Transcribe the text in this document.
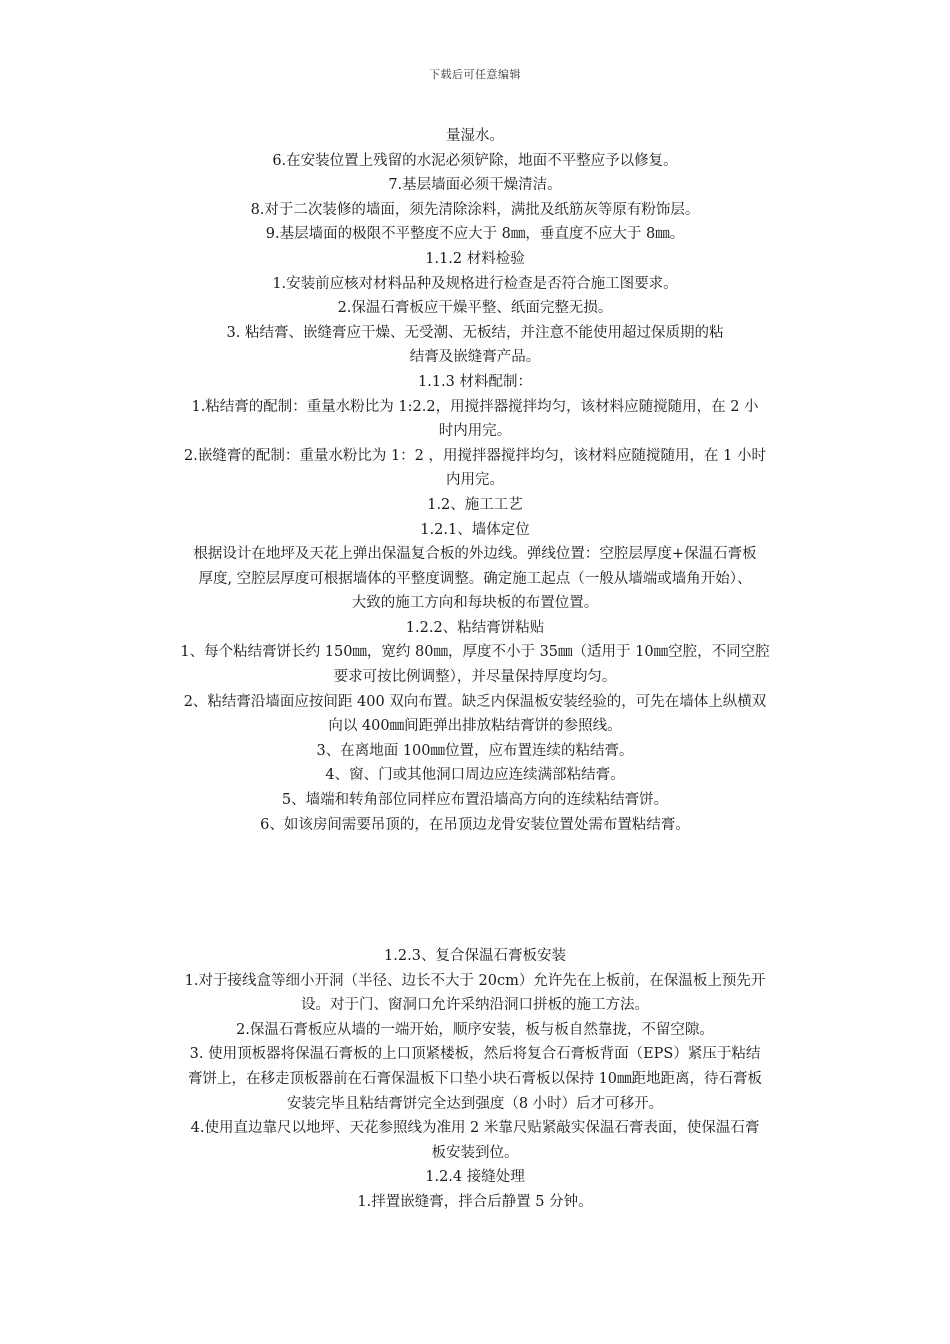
下载后可任意编辑
量湿水。
6.在安装位置上残留的水泥必须铲除，地面不平整应予以修复。
7.基层墙面必须干燥清洁。
8.对于二次装修的墙面，须先清除涂料，满批及纸筋灰等原有粉饰层。
9.基层墙面的极限不平整度不应大于 8㎜，垂直度不应大于 8㎜。
1.1.2 材料检验
1.安装前应核对材料品种及规格进行检查是否符合施工图要求。
2.保温石膏板应干燥平整、纸面完整无损。
3. 粘结膏、嵌缝膏应干燥、无受潮、无板结，并注意不能使用超过保质期的粘
结膏及嵌缝膏产品。
1.1.3 材料配制：
1.粘结膏的配制：重量水粉比为 1:2.2，用搅拌器搅拌均匀，该材料应随搅随用，在 2 小
时内用完。
2.嵌缝膏的配制：重量水粉比为 1：2 ，用搅拌器搅拌均匀，该材料应随搅随用，在 1 小时
内用完。
1.2、施工工艺
1.2.1、墙体定位
根据设计在地坪及天花上弹出保温复合板的外边线。弹线位置：空腔层厚度+保温石膏板
厚度, 空腔层厚度可根据墙体的平整度调整。确定施工起点（一般从墙端或墙角开始）、
大致的施工方向和每块板的布置位置。
1.2.2、粘结膏饼粘贴
1、每个粘结膏饼长约 150㎜，宽约 80㎜，厚度不小于 35㎜（适用于 10㎜空腔，不同空腔
要求可按比例调整），并尽量保持厚度均匀。
2、粘结膏沿墙面应按间距 400 双向布置。缺乏内保温板安装经验的，可先在墙体上纵横双
向以 400㎜间距弹出排放粘结膏饼的参照线。
3、在离地面 100㎜位置，应布置连续的粘结膏。
4、窗、门或其他洞口周边应连续满部粘结膏。
5、墙端和转角部位同样应布置沿墙高方向的连续粘结膏饼。
6、如该房间需要吊顶的，在吊顶边龙骨安装位置处需布置粘结膏。
1.2.3、复合保温石膏板安装
1.对于接线盒等细小开洞（半径、边长不大于 20cm）允许先在上板前，在保温板上预先开
设。对于门、窗洞口允许采纳沿洞口拼板的施工方法。
2.保温石膏板应从墙的一端开始，顺序安装，板与板自然靠拢，不留空隙。
3. 使用顶板器将保温石膏板的上口顶紧楼板，然后将复合石膏板背面（EPS）紧压于粘结
膏饼上，在移走顶板器前在石膏保温板下口垫小块石膏板以保持 10㎜距地距离，待石膏板
安装完毕且粘结膏饼完全达到强度（8 小时）后才可移开。
4.使用直边靠尺以地坪、天花参照线为准用 2 米靠尺贴紧敲实保温石膏表面，使保温石膏
板安装到位。
1.2.4 接缝处理
1.拌置嵌缝膏，拌合后静置 5 分钟。
